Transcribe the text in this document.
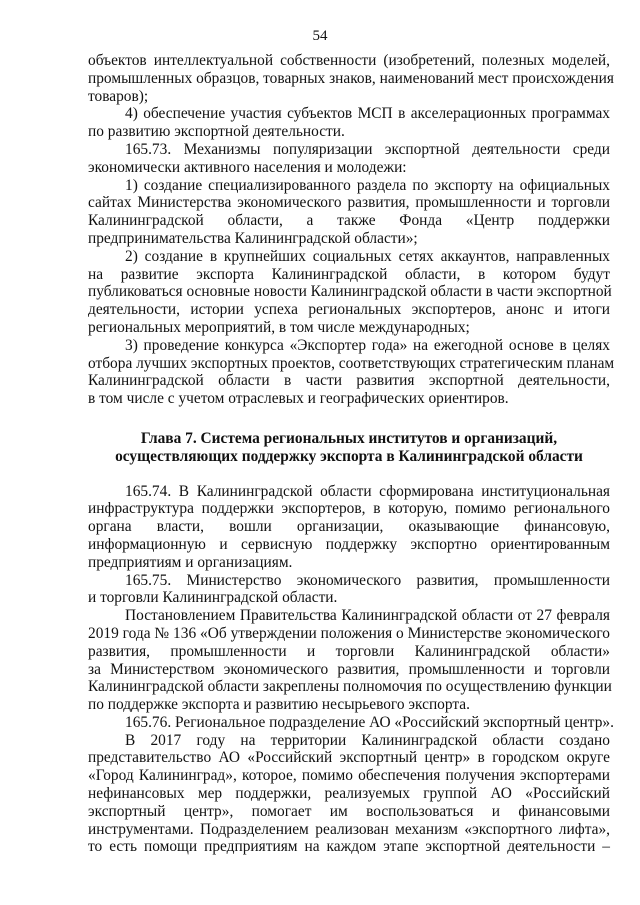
54
объектов интеллектуальной собственности (изобретений, полезных моделей,
промышленных образцов, товарных знаков, наименований мест происхождения
товаров);
4) обеспечение участия субъектов МСП в акселерационных программах
по развитию экспортной деятельности.
165.73. Механизмы популяризации экспортной деятельности среди
экономически активного населения и молодежи:
1) создание специализированного раздела по экспорту на официальных
сайтах Министерства экономического развития, промышленности и торговли
Калининградской области, а также Фонда «Центр поддержки
предпринимательства Калининградской области»;
2) создание в крупнейших социальных сетях аккаунтов, направленных
на развитие экспорта Калининградской области, в котором будут
публиковаться основные новости Калининградской области в части экспортной
деятельности, истории успеха региональных экспортеров, анонс и итоги
региональных мероприятий, в том числе международных;
3) проведение конкурса «Экспортер года» на ежегодной основе в целях
отбора лучших экспортных проектов, соответствующих стратегическим планам
Калининградской области в части развития экспортной деятельности,
в том числе с учетом отраслевых и географических ориентиров.
Глава 7. Система региональных институтов и организаций,
осуществляющих поддержку экспорта в Калининградской области
165.74. В Калининградской области сформирована институциональная
инфраструктура поддержки экспортеров, в которую, помимо регионального
органа власти, вошли организации, оказывающие финансовую,
информационную и сервисную поддержку экспортно ориентированным
предприятиям и организациям.
165.75. Министерство экономического развития, промышленности
и торговли Калининградской области.
Постановлением Правительства Калининградской области от 27 февраля
2019 года № 136 «Об утверждении положения о Министерстве экономического
развития, промышленности и торговли Калининградской области»
за Министерством экономического развития, промышленности и торговли
Калининградской области закреплены полномочия по осуществлению функции
по поддержке экспорта и развитию несырьевого экспорта.
165.76. Региональное подразделение АО «Российский экспортный центр».
В 2017 году на территории Калининградской области создано
представительство АО «Российский экспортный центр» в городском округе
«Город Калининград», которое, помимо обеспечения получения экспортерами
нефинансовых мер поддержки, реализуемых группой АО «Российский
экспортный центр», помогает им воспользоваться и финансовыми
инструментами. Подразделением реализован механизм «экспортного лифта»,
то есть помощи предприятиям на каждом этапе экспортной деятельности –
